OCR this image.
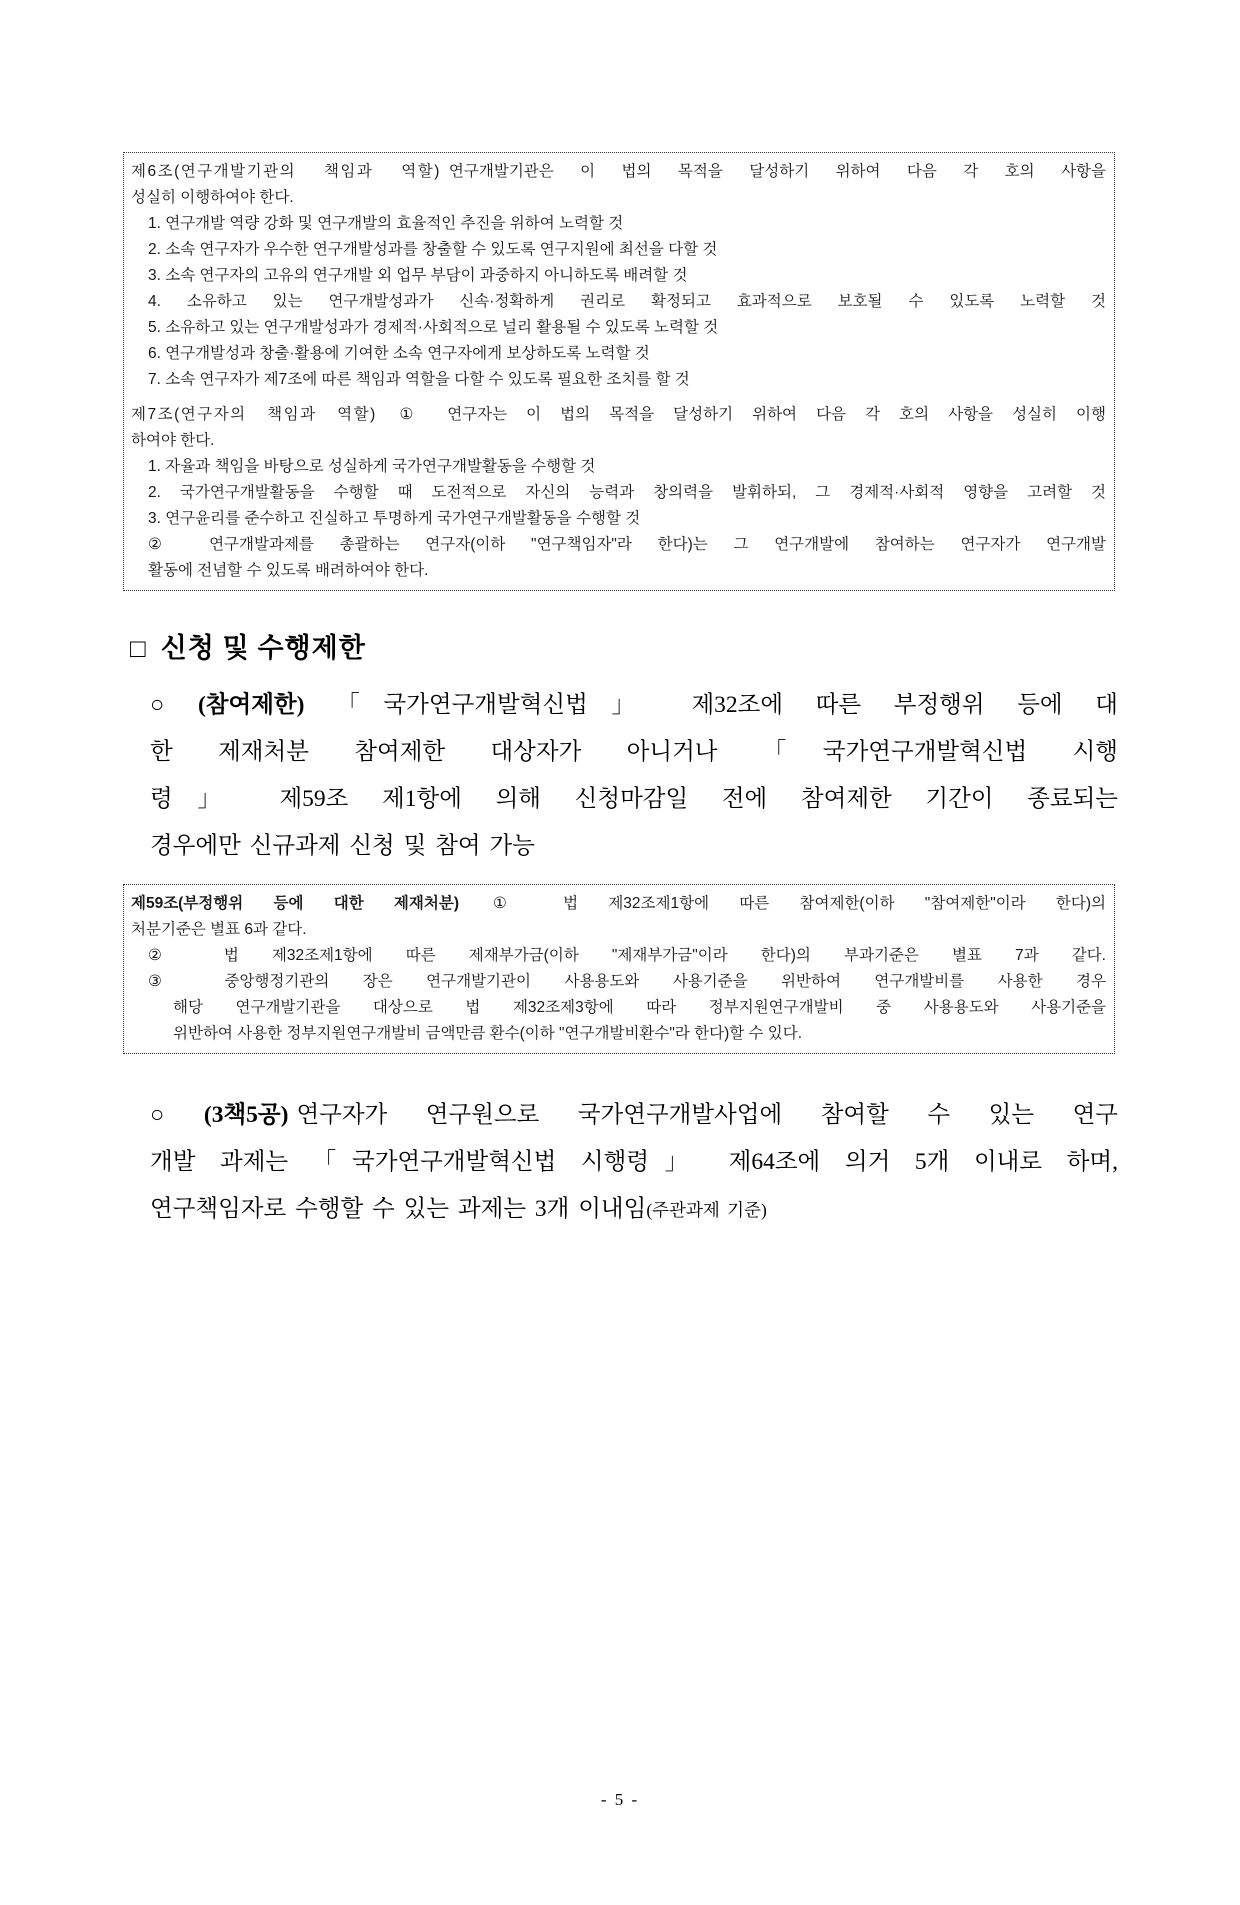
제6조(연구개발기관의 책임과 역할) 연구개발기관은 이 법의 목적을 달성하기 위하여 다음 각 호의 사항을
성실히 이행하여야 한다.
1. 연구개발 역량 강화 및 연구개발의 효율적인 추진을 위하여 노력할 것
2. 소속 연구자가 우수한 연구개발성과를 창출할 수 있도록 연구지원에 최선을 다할 것
3. 소속 연구자의 고유의 연구개발 외 업무 부담이 과중하지 아니하도록 배려할 것
4. 소유하고 있는 연구개발성과가 신속·정확하게 권리로 확정되고 효과적으로 보호될 수 있도록 노력할 것
5. 소유하고 있는 연구개발성과가 경제적·사회적으로 널리 활용될 수 있도록 노력할 것
6. 연구개발성과 창출·활용에 기여한 소속 연구자에게 보상하도록 노력할 것
7. 소속 연구자가 제7조에 따른 책임과 역할을 다할 수 있도록 필요한 조치를 할 것
제7조(연구자의 책임과 역할) ① 연구자는 이 법의 목적을 달성하기 위하여 다음 각 호의 사항을 성실히 이행
하여야 한다.
1. 자율과 책임을 바탕으로 성실하게 국가연구개발활동을 수행할 것
2. 국가연구개발활동을 수행할 때 도전적으로 자신의 능력과 창의력을 발휘하되, 그 경제적·사회적 영향을 고려할 것
3. 연구윤리를 준수하고 진실하고 투명하게 국가연구개발활동을 수행할 것
② 연구개발과제를 총괄하는 연구자(이하 "연구책임자"라 한다)는 그 연구개발에 참여하는 연구자가 연구개발
활동에 전념할 수 있도록 배려하여야 한다.
□ 신청 및 수행제한
○ (참여제한) 「국가연구개발혁신법」 제32조에 따른 부정행위 등에 대
한 제재처분 참여제한 대상자가 아니거나 「국가연구개발혁신법 시행
령」 제59조 제1항에 의해 신청마감일 전에 참여제한 기간이 종료되는
경우에만 신규과제 신청 및 참여 가능
제59조(부정행위 등에 대한 제재처분) ① 법 제32조제1항에 따른 참여제한(이하 "참여제한"이라 한다)의
처분기준은 별표 6과 같다.
② 법 제32조제1항에 따른 제재부가금(이하 "제재부가금"이라 한다)의 부과기준은 별표 7과 같다.
③ 중앙행정기관의 장은 연구개발기관이 사용용도와 사용기준을 위반하여 연구개발비를 사용한 경우
해당 연구개발기관을 대상으로 법 제32조제3항에 따라 정부지원연구개발비 중 사용용도와 사용기준을
위반하여 사용한 정부지원연구개발비 금액만큼 환수(이하 "연구개발비환수"라 한다)할 수 있다.
○ (3책5공) 연구자가 연구원으로 국가연구개발사업에 참여할 수 있는 연구
개발 과제는 「국가연구개발혁신법 시행령」 제64조에 의거 5개 이내로 하며,
연구책임자로 수행할 수 있는 과제는 3개 이내임(주관과제 기준)
- 5 -
